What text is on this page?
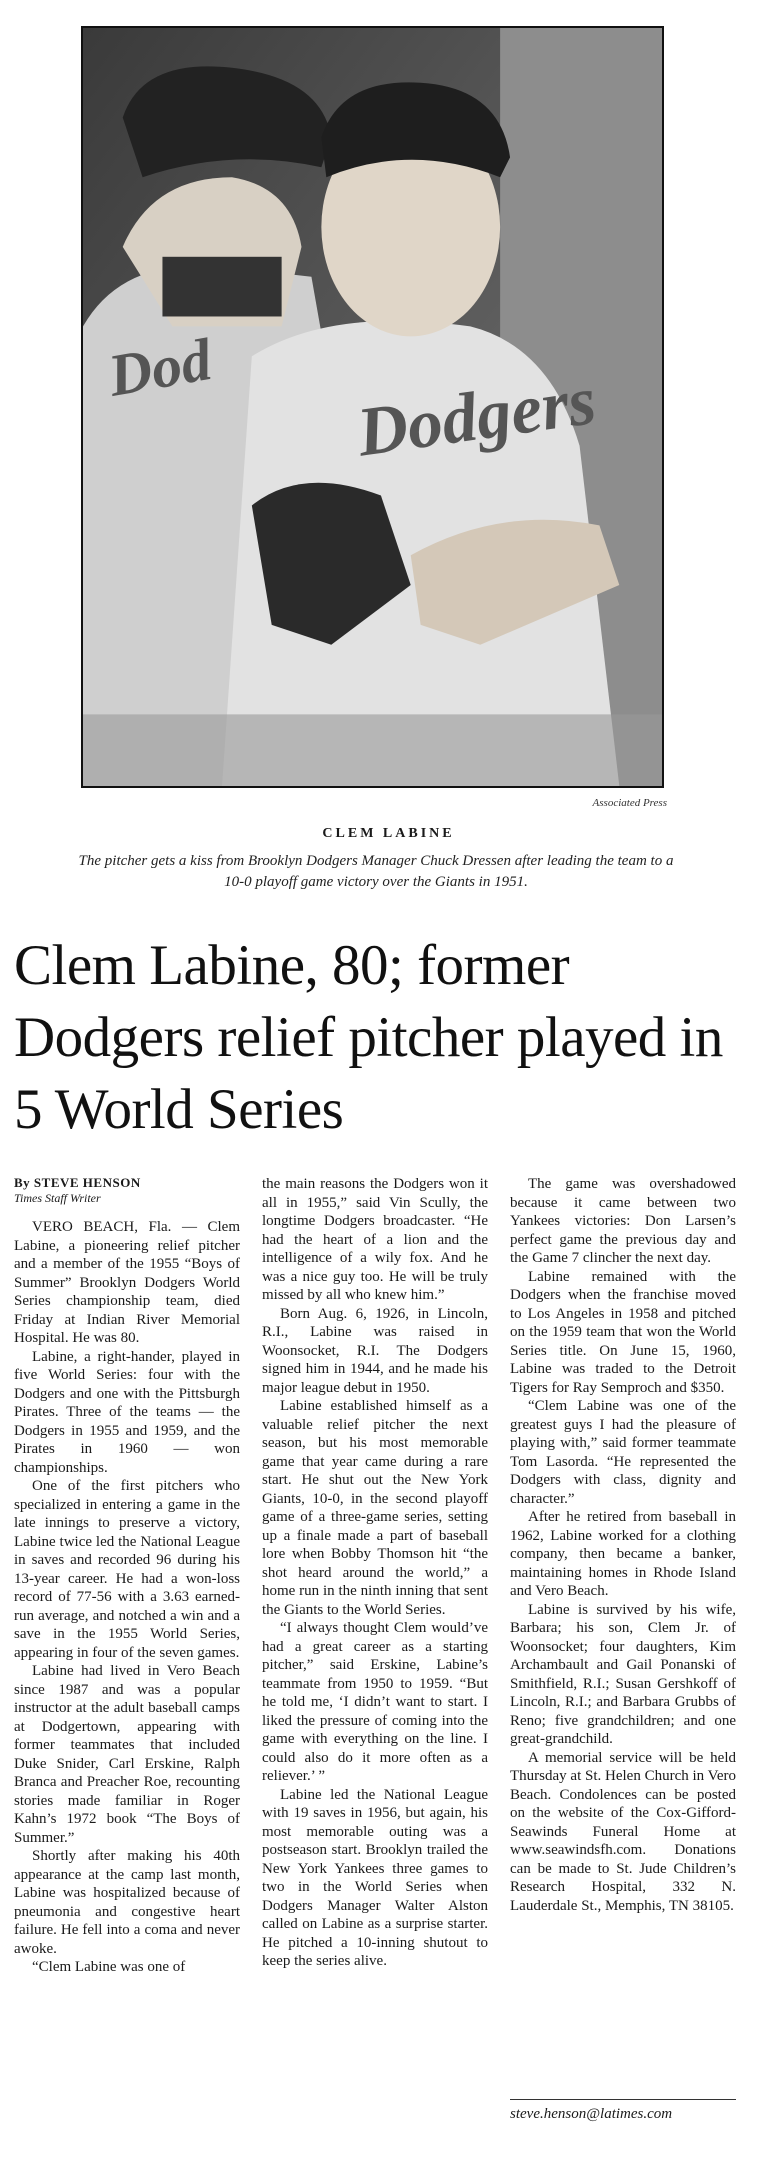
Dodgers
Dod
Associated Press
CLEM LABINE
The pitcher gets a kiss from Brooklyn Dodgers Manager Chuck Dressen after leading the team to a 10-0 playoff game victory over the Giants in 1951.
Clem Labine, 80; former Dodgers relief pitcher played in 5 World Series
By STEVE HENSON
Times Staff Writer

VERO BEACH, Fla. — Clem Labine, a pioneering relief pitcher and a member of the 1955 “Boys of Summer” Brooklyn Dodgers World Series championship team, died Friday at Indian River Memorial Hospital. He was 80.

Labine, a right-hander, played in five World Series: four with the Dodgers and one with the Pittsburgh Pirates. Three of the teams — the Dodgers in 1955 and 1959, and the Pirates in 1960 — won championships.

One of the first pitchers who specialized in entering a game in the late innings to preserve a victory, Labine twice led the National League in saves and recorded 96 during his 13-year career. He had a won-loss record of 77-56 with a 3.63 earned-run average, and notched a win and a save in the 1955 World Series, appearing in four of the seven games.

Labine had lived in Vero Beach since 1987 and was a popular instructor at the adult baseball camps at Dodgertown, appearing with former teammates that included Duke Snider, Carl Erskine, Ralph Branca and Preacher Roe, recounting stories made familiar in Roger Kahn’s 1972 book “The Boys of Summer.”

Shortly after making his 40th appearance at the camp last month, Labine was hospitalized because of pneumonia and congestive heart failure. He fell into a coma and never awoke.

“Clem Labine was one of

the main reasons the Dodgers won it all in 1955,” said Vin Scully, the longtime Dodgers broadcaster. “He had the heart of a lion and the intelligence of a wily fox. And he was a nice guy too. He will be truly missed by all who knew him.”

Born Aug. 6, 1926, in Lincoln, R.I., Labine was raised in Woonsocket, R.I. The Dodgers signed him in 1944, and he made his major league debut in 1950.

Labine established himself as a valuable relief pitcher the next season, but his most memorable game that year came during a rare start. He shut out the New York Giants, 10-0, in the second playoff game of a three-game series, setting up a finale made a part of baseball lore when Bobby Thomson hit “the shot heard around the world,” a home run in the ninth inning that sent the Giants to the World Series.

“I always thought Clem would’ve had a great career as a starting pitcher,” said Erskine, Labine’s teammate from 1950 to 1959. “But he told me, ‘I didn’t want to start. I liked the pressure of coming into the game with everything on the line. I could also do it more often as a reliever.’ ”

Labine led the National League with 19 saves in 1956, but again, his most memorable outing was a postseason start. Brooklyn trailed the New York Yankees three games to two in the World Series when Dodgers Manager Walter Alston called on Labine as a surprise starter. He pitched a 10-inning shutout to keep the series alive.

The game was overshadowed because it came between two Yankees victories: Don Larsen’s perfect game the previous day and the Game 7 clincher the next day.

Labine remained with the Dodgers when the franchise moved to Los Angeles in 1958 and pitched on the 1959 team that won the World Series title. On June 15, 1960, Labine was traded to the Detroit Tigers for Ray Semproch and $350.

“Clem Labine was one of the greatest guys I had the pleasure of playing with,” said former teammate Tom Lasorda. “He represented the Dodgers with class, dignity and character.”

After he retired from baseball in 1962, Labine worked for a clothing company, then became a banker, maintaining homes in Rhode Island and Vero Beach.

Labine is survived by his wife, Barbara; his son, Clem Jr. of Woonsocket; four daughters, Kim Archambault and Gail Ponanski of Smithfield, R.I.; Susan Gershkoff of Lincoln, R.I.; and Barbara Grubbs of Reno; five grandchildren; and one great-grandchild.

A memorial service will be held Thursday at St. Helen Church in Vero Beach. Condolences can be posted on the website of the Cox-Gifford-Seawinds Funeral Home at www.seawindsfh.com. Donations can be made to St. Jude Children’s Research Hospital, 332 N. Lauderdale St., Memphis, TN 38105.

steve.henson@latimes.com
